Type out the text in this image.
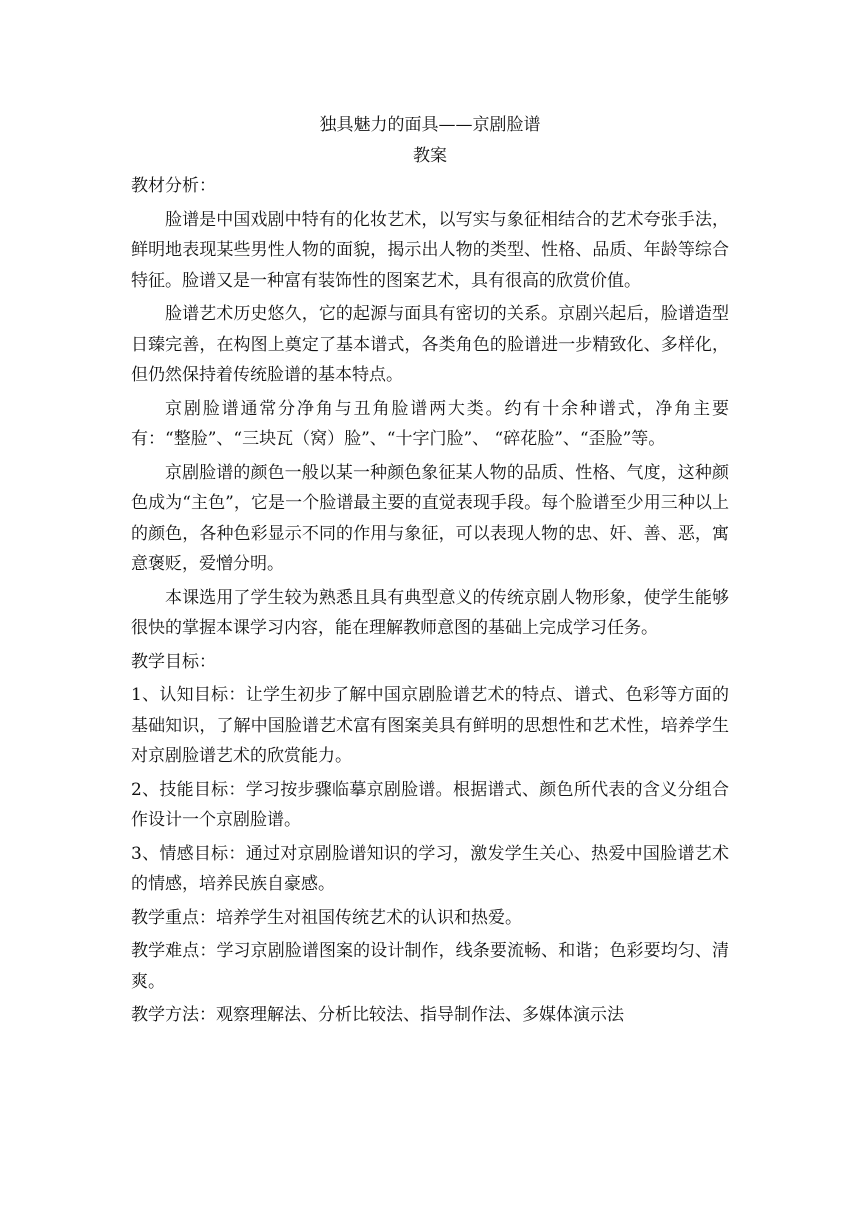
独具魅力的面具——京剧脸谱

教案

教材分析：

脸谱是中国戏剧中特有的化妆艺术，以写实与象征相结合的艺术夸张手法，鲜明地表现某些男性人物的面貌，揭示出人物的类型、性格、品质、年龄等综合特征。脸谱又是一种富有装饰性的图案艺术，具有很高的欣赏价值。

脸谱艺术历史悠久，它的起源与面具有密切的关系。京剧兴起后，脸谱造型日臻完善，在构图上奠定了基本谱式，各类角色的脸谱进一步精致化、多样化，但仍然保持着传统脸谱的基本特点。

京剧脸谱通常分净角与丑角脸谱两大类。约有十余种谱式，净角主要有：“整脸”、“三块瓦（窝）脸”、“十字门脸”、 “碎花脸”、“歪脸”等。

京剧脸谱的颜色一般以某一种颜色象征某人物的品质、性格、气度，这种颜色成为“主色”，它是一个脸谱最主要的直觉表现手段。每个脸谱至少用三种以上的颜色，各种色彩显示不同的作用与象征，可以表现人物的忠、奸、善、恶，寓意褒贬，爱憎分明。

本课选用了学生较为熟悉且具有典型意义的传统京剧人物形象，使学生能够很快的掌握本课学习内容，能在理解教师意图的基础上完成学习任务。

教学目标：

1、认知目标：让学生初步了解中国京剧脸谱艺术的特点、谱式、色彩等方面的基础知识，了解中国脸谱艺术富有图案美具有鲜明的思想性和艺术性，培养学生对京剧脸谱艺术的欣赏能力。

2、技能目标：学习按步骤临摹京剧脸谱。根据谱式、颜色所代表的含义分组合作设计一个京剧脸谱。

3、情感目标：通过对京剧脸谱知识的学习，激发学生关心、热爱中国脸谱艺术的情感，培养民族自豪感。

教学重点：培养学生对祖国传统艺术的认识和热爱。

教学难点：学习京剧脸谱图案的设计制作，线条要流畅、和谐；色彩要均匀、清爽。

教学方法：观察理解法、分析比较法、指导制作法、多媒体演示法
